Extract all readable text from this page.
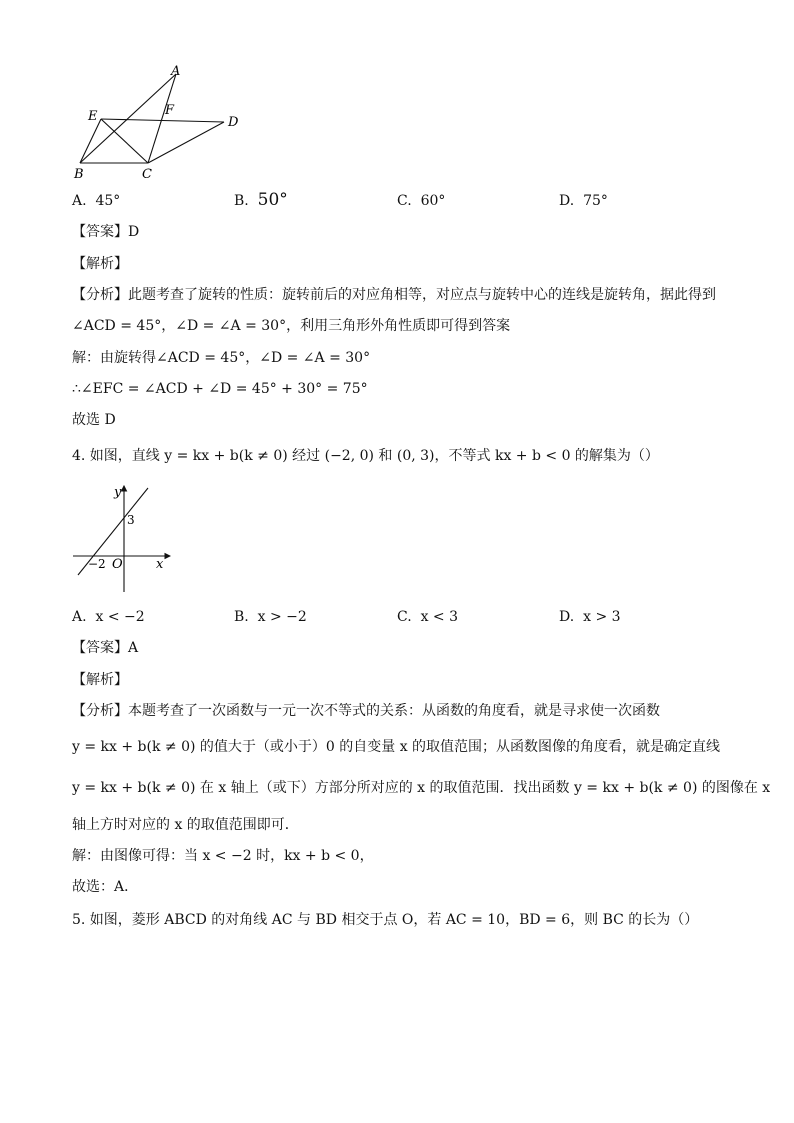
A
E	F
D
B	C
A. 45°	B. 50°	C. 60°	D. 75°
【答案】D
【解析】
【分析】此题考查了旋转的性质：旋转前后的对应角相等，对应点与旋转中心的连线是旋转角，据此得到
∠ACD = 45°，∠D = ∠A = 30°，利用三角形外角性质即可得到答案
解：由旋转得∠ACD = 45°，∠D = ∠A = 30°
∴∠EFC = ∠ACD + ∠D = 45° + 30° = 75°
故选 D
4. 如图，直线 y = kx + b(k ≠ 0) 经过 (−2, 0) 和 (0, 3)，不等式 kx + b < 0 的解集为（）
y
x
O
−2
3
A. x < −2	B. x > −2	C. x < 3	D. x > 3
【答案】A
【解析】
【分析】本题考查了一次函数与一元一次不等式的关系：从函数的角度看，就是寻求使一次函数
y = kx + b(k ≠ 0) 的值大于（或小于）0 的自变量 x 的取值范围；从函数图像的角度看，就是确定直线
y = kx + b(k ≠ 0) 在 x 轴上（或下）方部分所对应的 x 的取值范围．找出函数 y = kx + b(k ≠ 0) 的图像在 x
轴上方时对应的 x 的取值范围即可．
解：由图像可得：当 x < −2 时，kx + b < 0，
故选：A．
5. 如图，菱形 ABCD 的对角线 AC 与 BD 相交于点 O，若 AC = 10，BD = 6，则 BC 的长为（）
